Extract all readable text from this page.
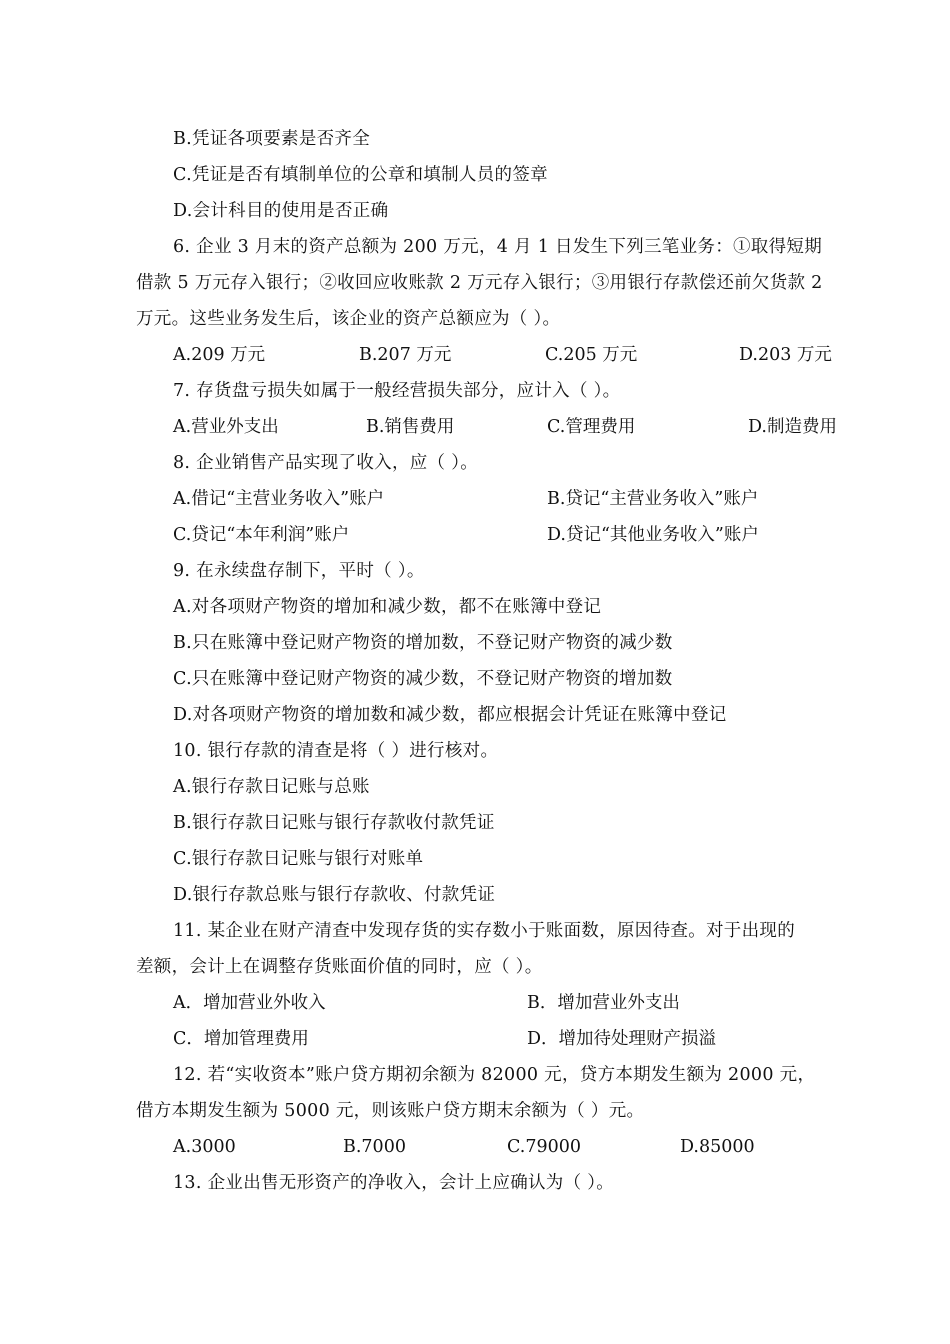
B.凭证各项要素是否齐全
C.凭证是否有填制单位的公章和填制人员的签章
D.会计科目的使用是否正确
6. 企业 3 月末的资产总额为 200 万元，4 月 1 日发生下列三笔业务：①取得短期
借款 5 万元存入银行；②收回应收账款 2 万元存入银行；③用银行存款偿还前欠货款 2
万元。这些业务发生后，该企业的资产总额应为（ ）。
A.209 万元	B.207 万元	C.205 万元	D.203 万元
7. 存货盘亏损失如属于一般经营损失部分，应计入（ ）。
A.营业外支出	B.销售费用	C.管理费用	D.制造费用
8. 企业销售产品实现了收入，应（ ）。
A.借记“主营业务收入”账户	B.贷记“主营业务收入”账户
C.贷记“本年利润”账户	D.贷记“其他业务收入”账户
9. 在永续盘存制下，平时（ ）。
A.对各项财产物资的增加和减少数，都不在账簿中登记
B.只在账簿中登记财产物资的增加数，不登记财产物资的减少数
C.只在账簿中登记财产物资的减少数，不登记财产物资的增加数
D.对各项财产物资的增加数和减少数，都应根据会计凭证在账簿中登记
10. 银行存款的清查是将（ ）进行核对。
A.银行存款日记账与总账
B.银行存款日记账与银行存款收付款凭证
C.银行存款日记账与银行对账单
D.银行存款总账与银行存款收、付款凭证
11. 某企业在财产清查中发现存货的实存数小于账面数，原因待查。对于出现的
差额，会计上在调整存货账面价值的同时，应（ ）。
A．增加营业外收入	B．增加营业外支出
C．增加管理费用	D．增加待处理财产损溢
12. 若“实收资本”账户贷方期初余额为 82000 元，贷方本期发生额为 2000 元，
借方本期发生额为 5000 元，则该账户贷方期末余额为（ ）元。
A.3000	B.7000	C.79000	D.85000
13. 企业出售无形资产的净收入，会计上应确认为（ ）。
